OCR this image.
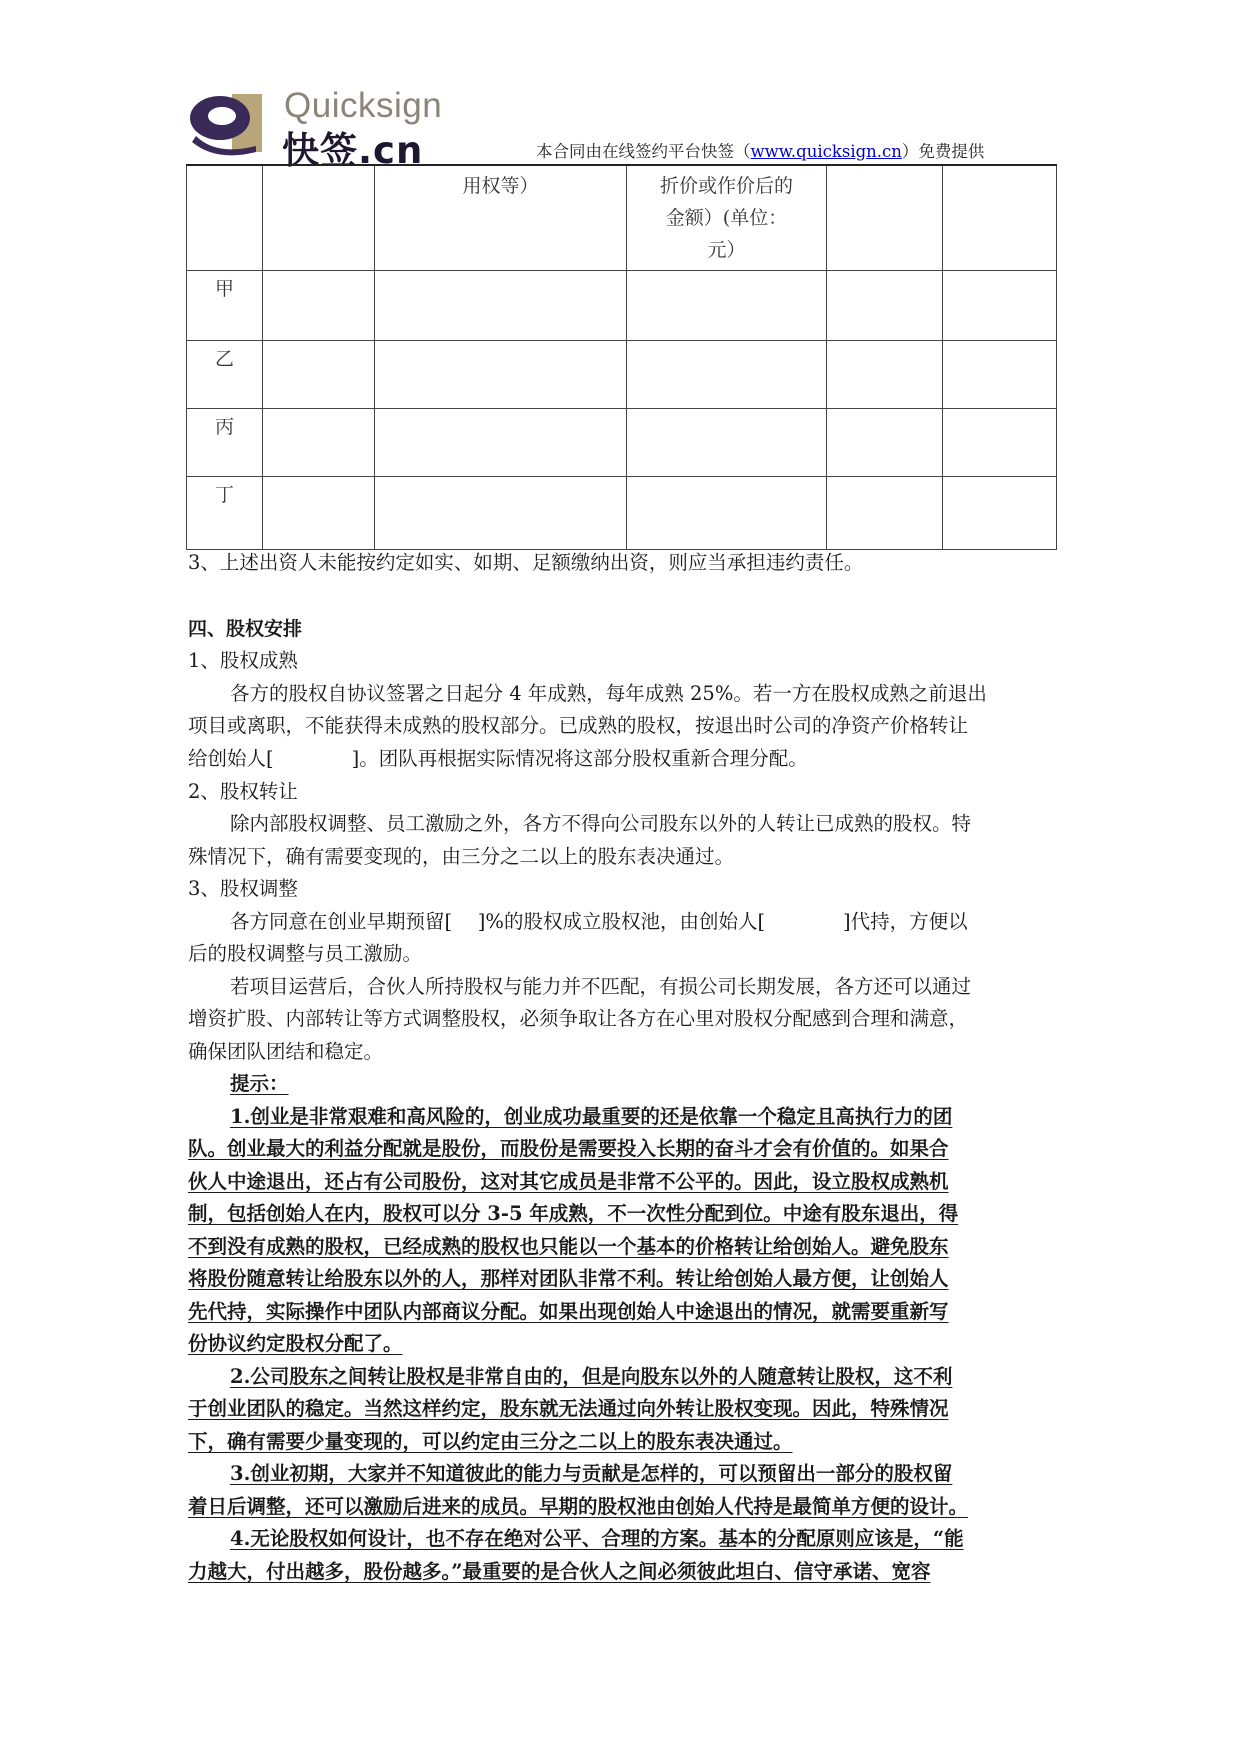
Quicksign
快签.cn	本合同由在线签约平台快签（www.quicksign.cn）免费提供
		用权等）	折价或作价后的
金额）(单位：
元）		
甲					
乙					
丙					
丁					
3、上述出资人未能按约定如实、如期、足额缴纳出资，则应当承担违约责任。
四、股权安排
1、股权成熟
各方的股权自协议签署之日起分 4 年成熟，每年成熟 25%。若一方在股权成熟之前退出
项目或离职，不能获得未成熟的股权部分。已成熟的股权，按退出时公司的净资产价格转让
给创始人[　　　　]。团队再根据实际情况将这部分股权重新合理分配。
2、股权转让
除内部股权调整、员工激励之外，各方不得向公司股东以外的人转让已成熟的股权。特
殊情况下，确有需要变现的，由三分之二以上的股东表决通过。
3、股权调整
各方同意在创业早期预留[　 ]%的股权成立股权池，由创始人[　　　　]代持，方便以
后的股权调整与员工激励。
若项目运营后，合伙人所持股权与能力并不匹配，有损公司长期发展，各方还可以通过
增资扩股、内部转让等方式调整股权，必须争取让各方在心里对股权分配感到合理和满意，
确保团队团结和稳定。
提示：
1.创业是非常艰难和高风险的，创业成功最重要的还是依靠一个稳定且高执行力的团
队。创业最大的利益分配就是股份，而股份是需要投入长期的奋斗才会有价值的。如果合
伙人中途退出，还占有公司股份，这对其它成员是非常不公平的。因此，设立股权成熟机
制，包括创始人在内，股权可以分 3-5 年成熟，不一次性分配到位。中途有股东退出，得
不到没有成熟的股权，已经成熟的股权也只能以一个基本的价格转让给创始人。避免股东
将股份随意转让给股东以外的人，那样对团队非常不利。转让给创始人最方便，让创始人
先代持，实际操作中团队内部商议分配。如果出现创始人中途退出的情况，就需要重新写
份协议约定股权分配了。
2.公司股东之间转让股权是非常自由的，但是向股东以外的人随意转让股权，这不利
于创业团队的稳定。当然这样约定，股东就无法通过向外转让股权变现。因此，特殊情况
下，确有需要少量变现的，可以约定由三分之二以上的股东表决通过。
3.创业初期，大家并不知道彼此的能力与贡献是怎样的，可以预留出一部分的股权留
着日后调整，还可以激励后进来的成员。早期的股权池由创始人代持是最简单方便的设计。
4.无论股权如何设计，也不存在绝对公平、合理的方案。基本的分配原则应该是，“能
力越大，付出越多，股份越多。”最重要的是合伙人之间必须彼此坦白、信守承诺、宽容
